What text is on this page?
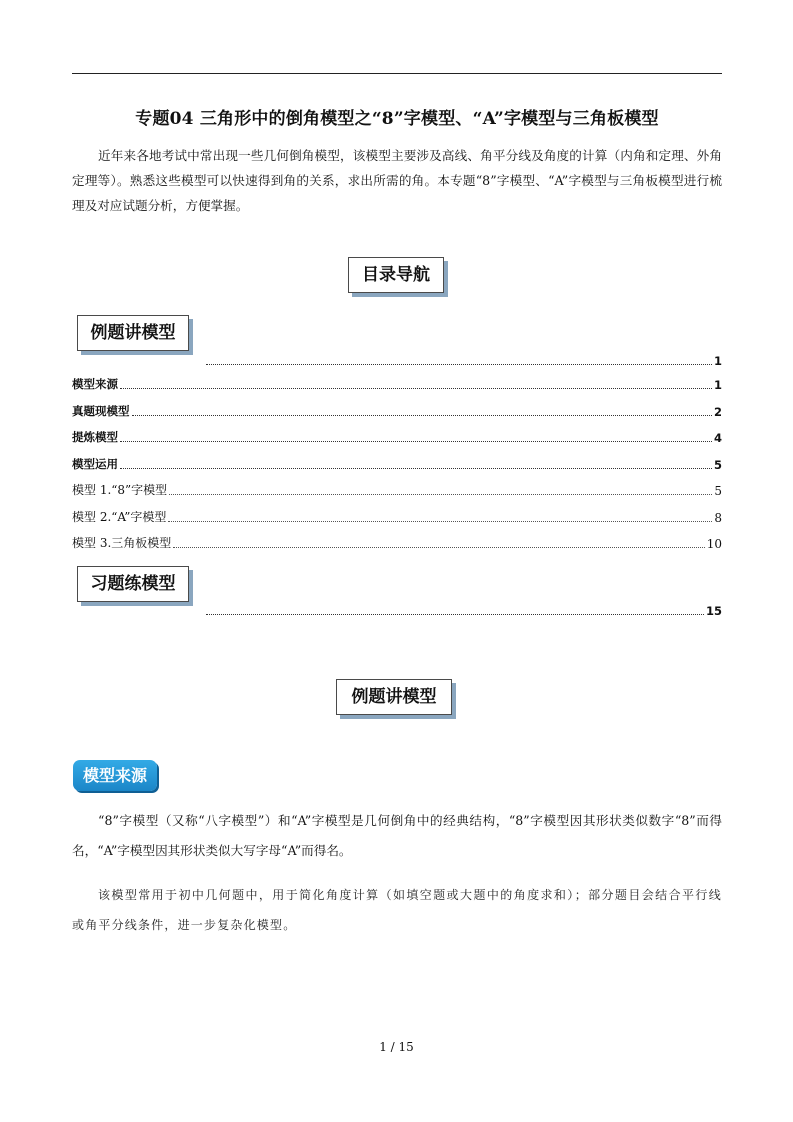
专题04 三角形中的倒角模型之“8”字模型、“A”字模型与三角板模型

近年来各地考试中常出现一些几何倒角模型，该模型主要涉及高线、角平分线及角度的计算（内角和定理、外角定理等）。熟悉这些模型可以快速得到角的关系，求出所需的角。本专题“8”字模型、“A”字模型与三角板模型进行梳理及对应试题分析，方便掌握。

目录导航
例题讲模型
1
模型来源	1
真题现模型	2
提炼模型	4
模型运用	5
模型 1.“8”字模型	5
模型 2.“A”字模型	8
模型 3.三角板模型	10
习题练模型
15
例题讲模型
模型来源

“8”字模型（又称“八字模型”）和“A”字模型是几何倒角中的经典结构，“8”字模型因其形状类似数字“8”而得名，“A”字模型因其形状类似大写字母“A”而得名。

该模型常用于初中几何题中，用于简化角度计算（如填空题或大题中的角度求和）；部分题目会结合平行线或角平分线条件，进一步复杂化模型。

1 / 15
